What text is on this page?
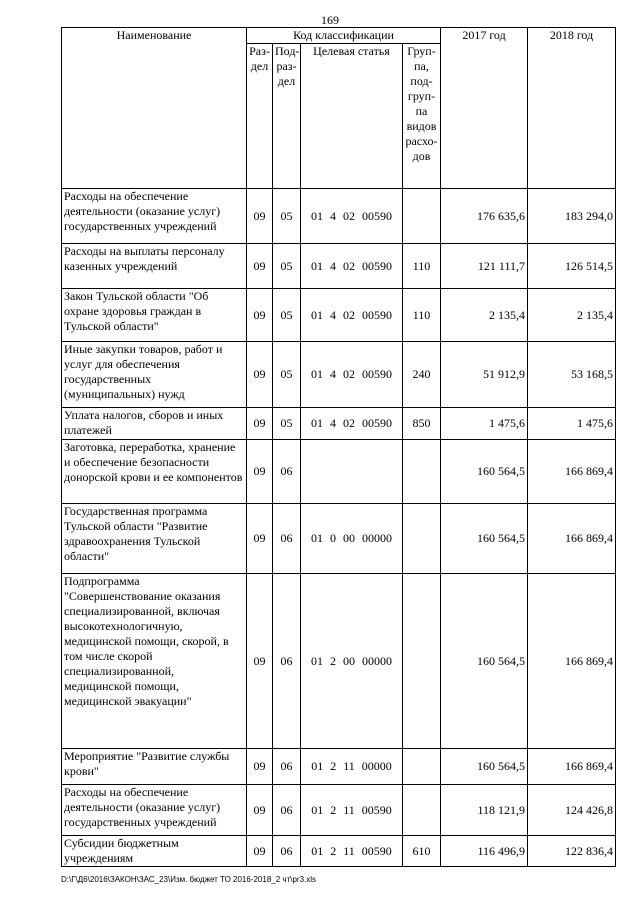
169
Наименование	Код классификации				2017 год	2018 год
	Раз-дел	Под-раз-дел	Целевая статья	Груп-па, под-груп-па видов расхо-дов		
Расходы на обеспечение деятельности (оказание услуг) государственных учреждений	09	05	01 4 02 00590		176 635,6	183 294,0
Расходы на выплаты персоналу казенных учреждений	09	05	01 4 02 00590	110	121 111,7	126 514,5
Закон Тульской области "Об охране здоровья граждан в Тульской области"	09	05	01 4 02 00590	110	2 135,4	2 135,4
Иные закупки товаров, работ и услуг для обеспечения государственных (муниципальных) нужд	09	05	01 4 02 00590	240	51 912,9	53 168,5
Уплата налогов, сборов и иных платежей	09	05	01 4 02 00590	850	1 475,6	1 475,6
Заготовка, переработка, хранение и обеспечение безопасности донорской крови и ее компонентов	09	06			160 564,5	166 869,4
Государственная программа Тульской области "Развитие здравоохранения Тульской области"	09	06	01 0 00 00000		160 564,5	166 869,4
Подпрограмма "Совершенствование оказания специализированной, включая высокотехнологичную, медицинской помощи, скорой, в том числе скорой специализированной, медицинской помощи, медицинской эвакуации"	09	06	01 2 00 00000		160 564,5	166 869,4
Мероприятие "Развитие службы крови"	09	06	01 2 11 00000		160 564,5	166 869,4
Расходы на обеспечение деятельности (оказание услуг) государственных учреждений	09	06	01 2 11 00590		118 121,9	124 426,8
Субсидии бюджетным учреждениям	09	06	01 2 11 00590	610	116 496,9	122 836,4
D:\Г\Д6\2016\ЗАКОН\ЗАС_23\Изм. бюджет ТО 2016-2018_2 чт\pr3.xls
